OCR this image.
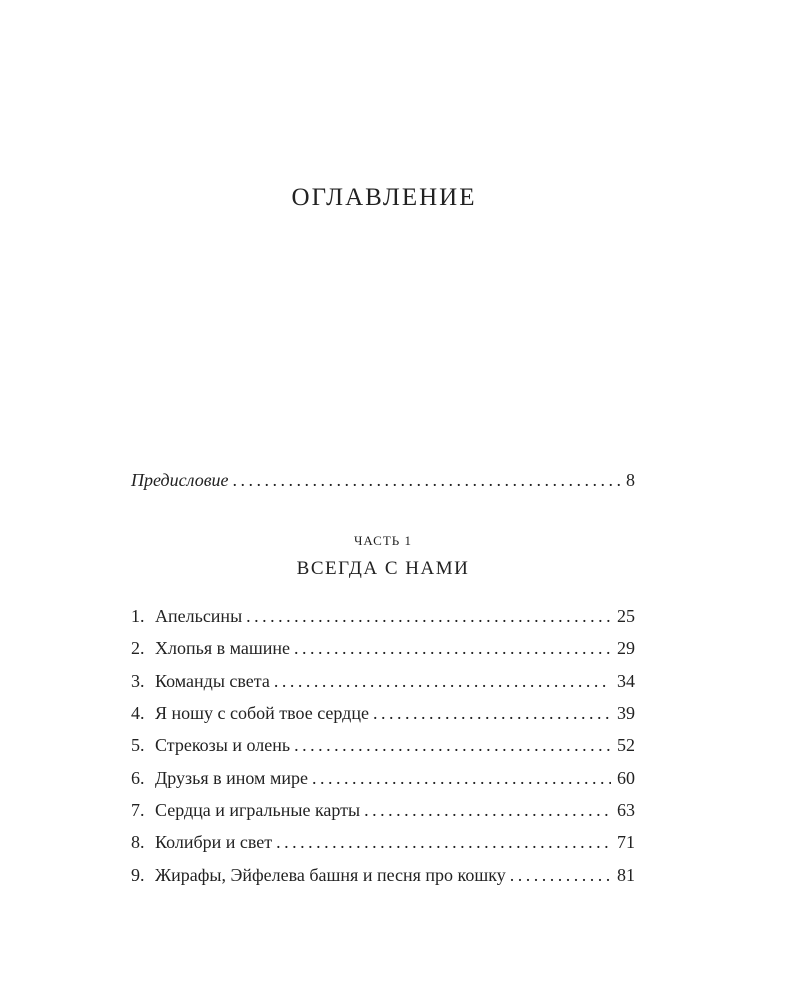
ОГЛАВЛЕНИЕ
Предисловие . . .	8
ЧАСТЬ 1
ВСЕГДА С НАМИ
1. Апельсины . . .	25
2. Хлопья в машине . . .	29
3. Команды света . . .	34
4. Я ношу с собой твое сердце . . .	39
5. Стрекозы и олень . . .	52
6. Друзья в ином мире . . .	60
7. Сердца и игральные карты . . .	63
8. Колибри и свет . . .	71
9. Жирафы, Эйфелева башня и песня про кошку . . .	81
